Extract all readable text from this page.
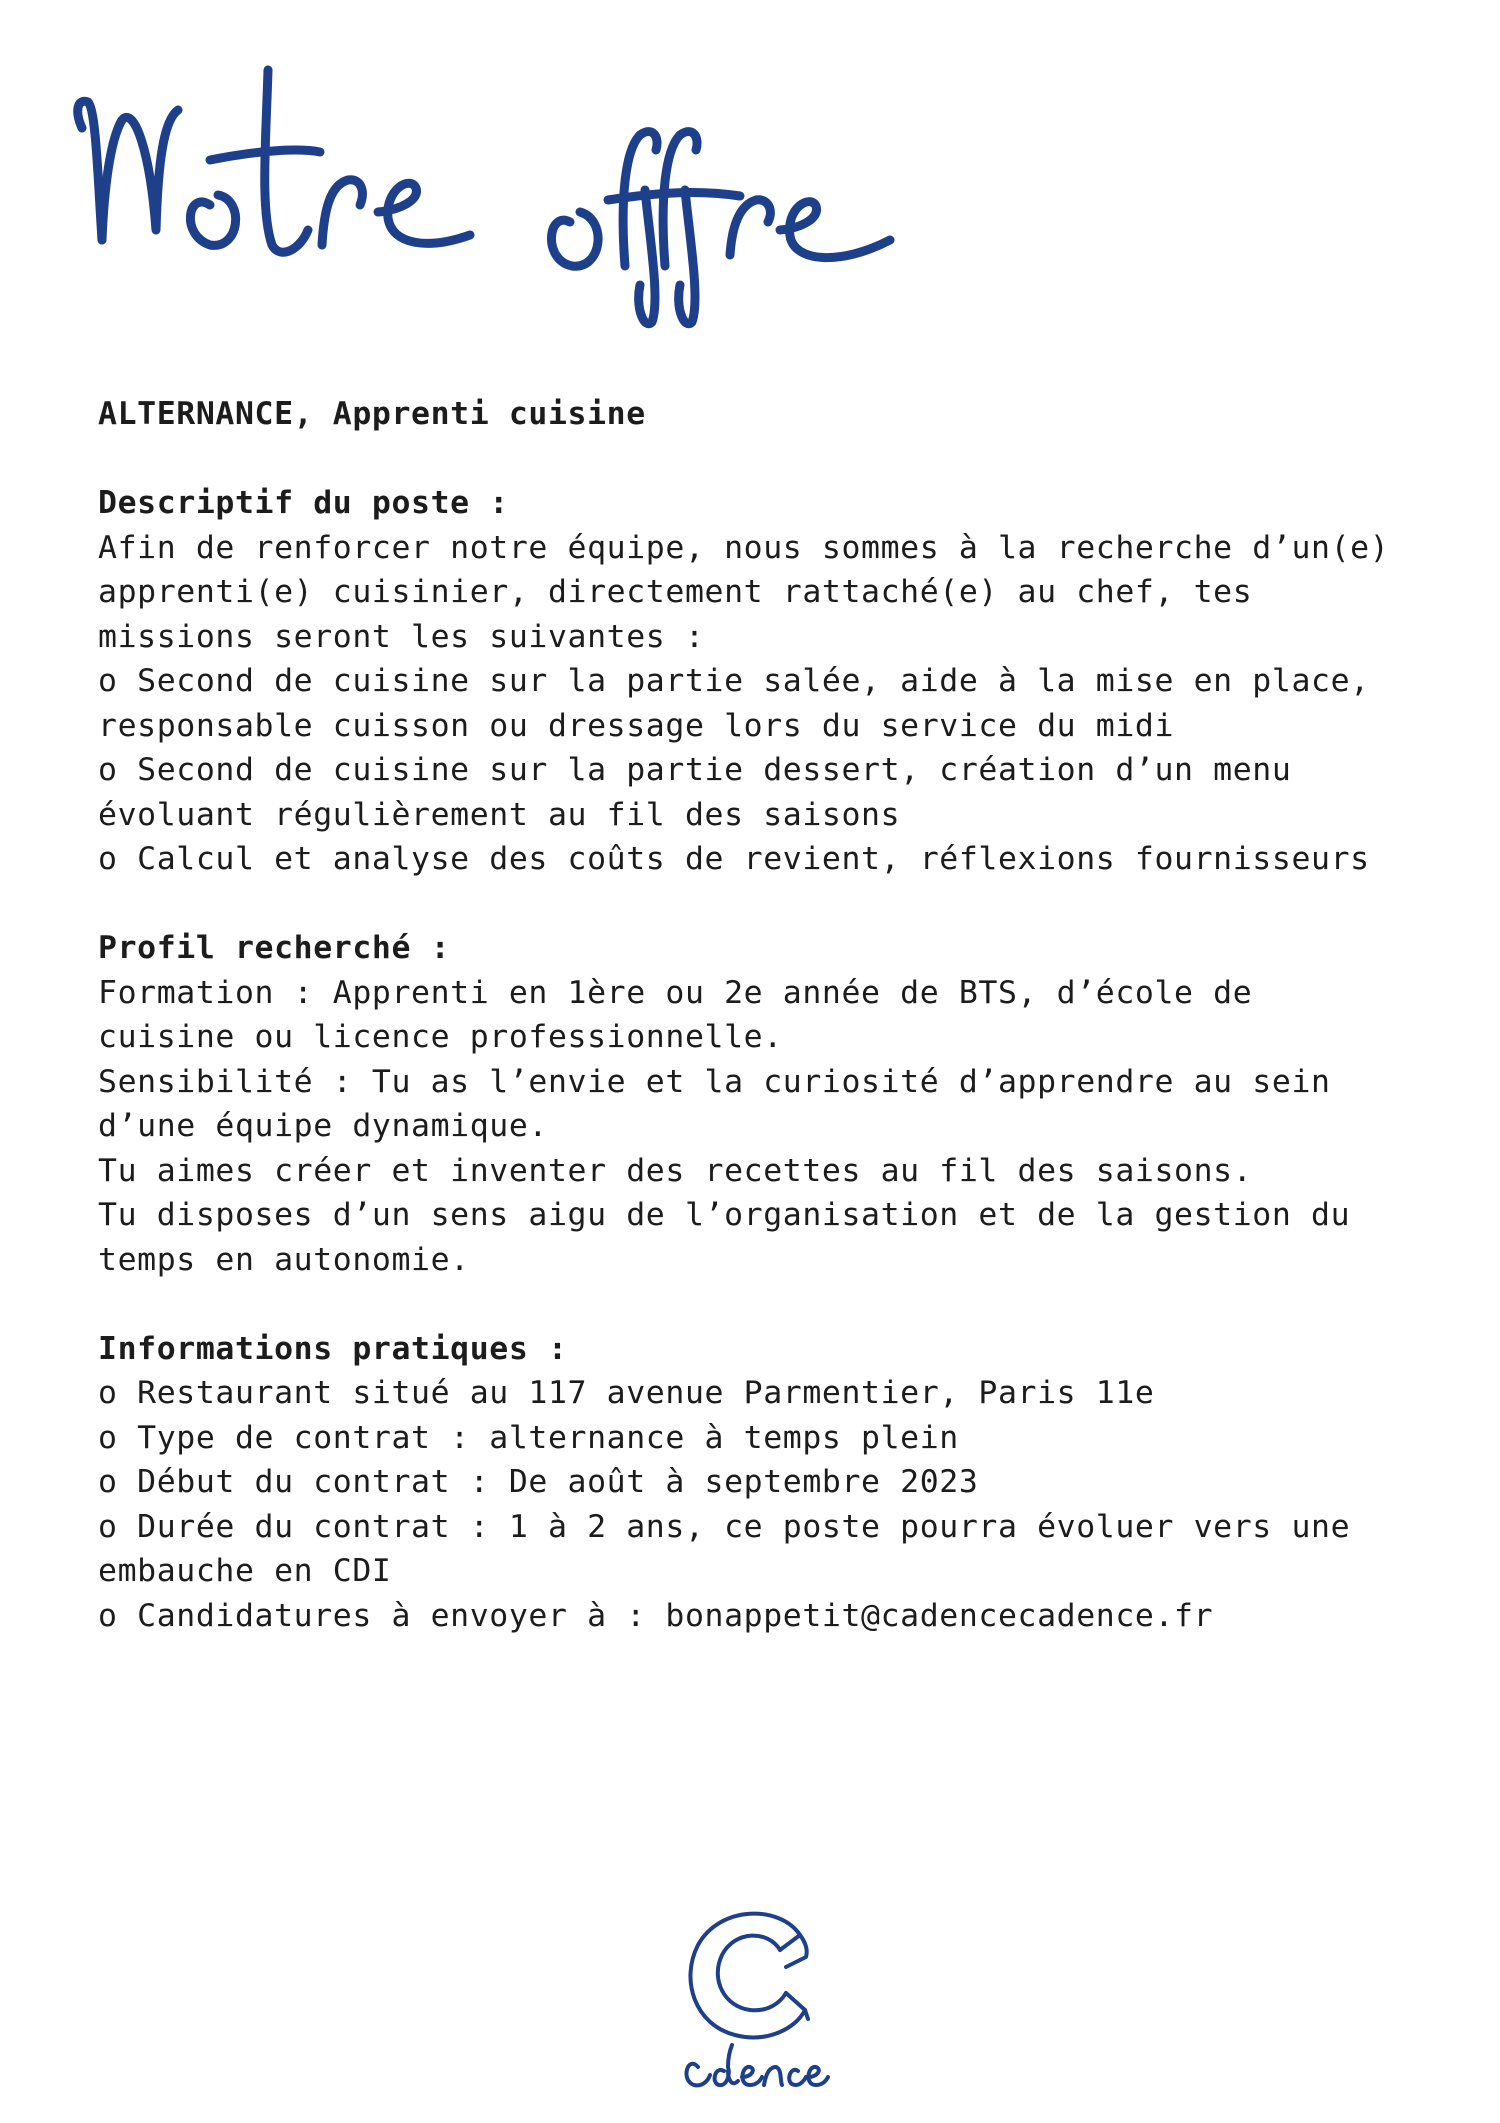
ALTERNANCE, Apprenti cuisine
Descriptif du poste :
Afin de renforcer notre équipe, nous sommes à la recherche d’un(e)
apprenti(e) cuisinier, directement rattaché(e) au chef, tes
missions seront les suivantes :
o Second de cuisine sur la partie salée, aide à la mise en place,
responsable cuisson ou dressage lors du service du midi
o Second de cuisine sur la partie dessert, création d’un menu
évoluant régulièrement au fil des saisons
o Calcul et analyse des coûts de revient, réflexions fournisseurs
Profil recherché :
Formation : Apprenti en 1ère ou 2e année de BTS, d’école de
cuisine ou licence professionnelle.
Sensibilité : Tu as l’envie et la curiosité d’apprendre au sein
d’une équipe dynamique.
Tu aimes créer et inventer des recettes au fil des saisons.
Tu disposes d’un sens aigu de l’organisation et de la gestion du
temps en autonomie.
Informations pratiques :
o Restaurant situé au 117 avenue Parmentier, Paris 11e
o Type de contrat : alternance à temps plein
o Début du contrat : De août à septembre 2023
o Durée du contrat : 1 à 2 ans, ce poste pourra évoluer vers une
embauche en CDI
o Candidatures à envoyer à : bonappetit@cadencecadence.fr
